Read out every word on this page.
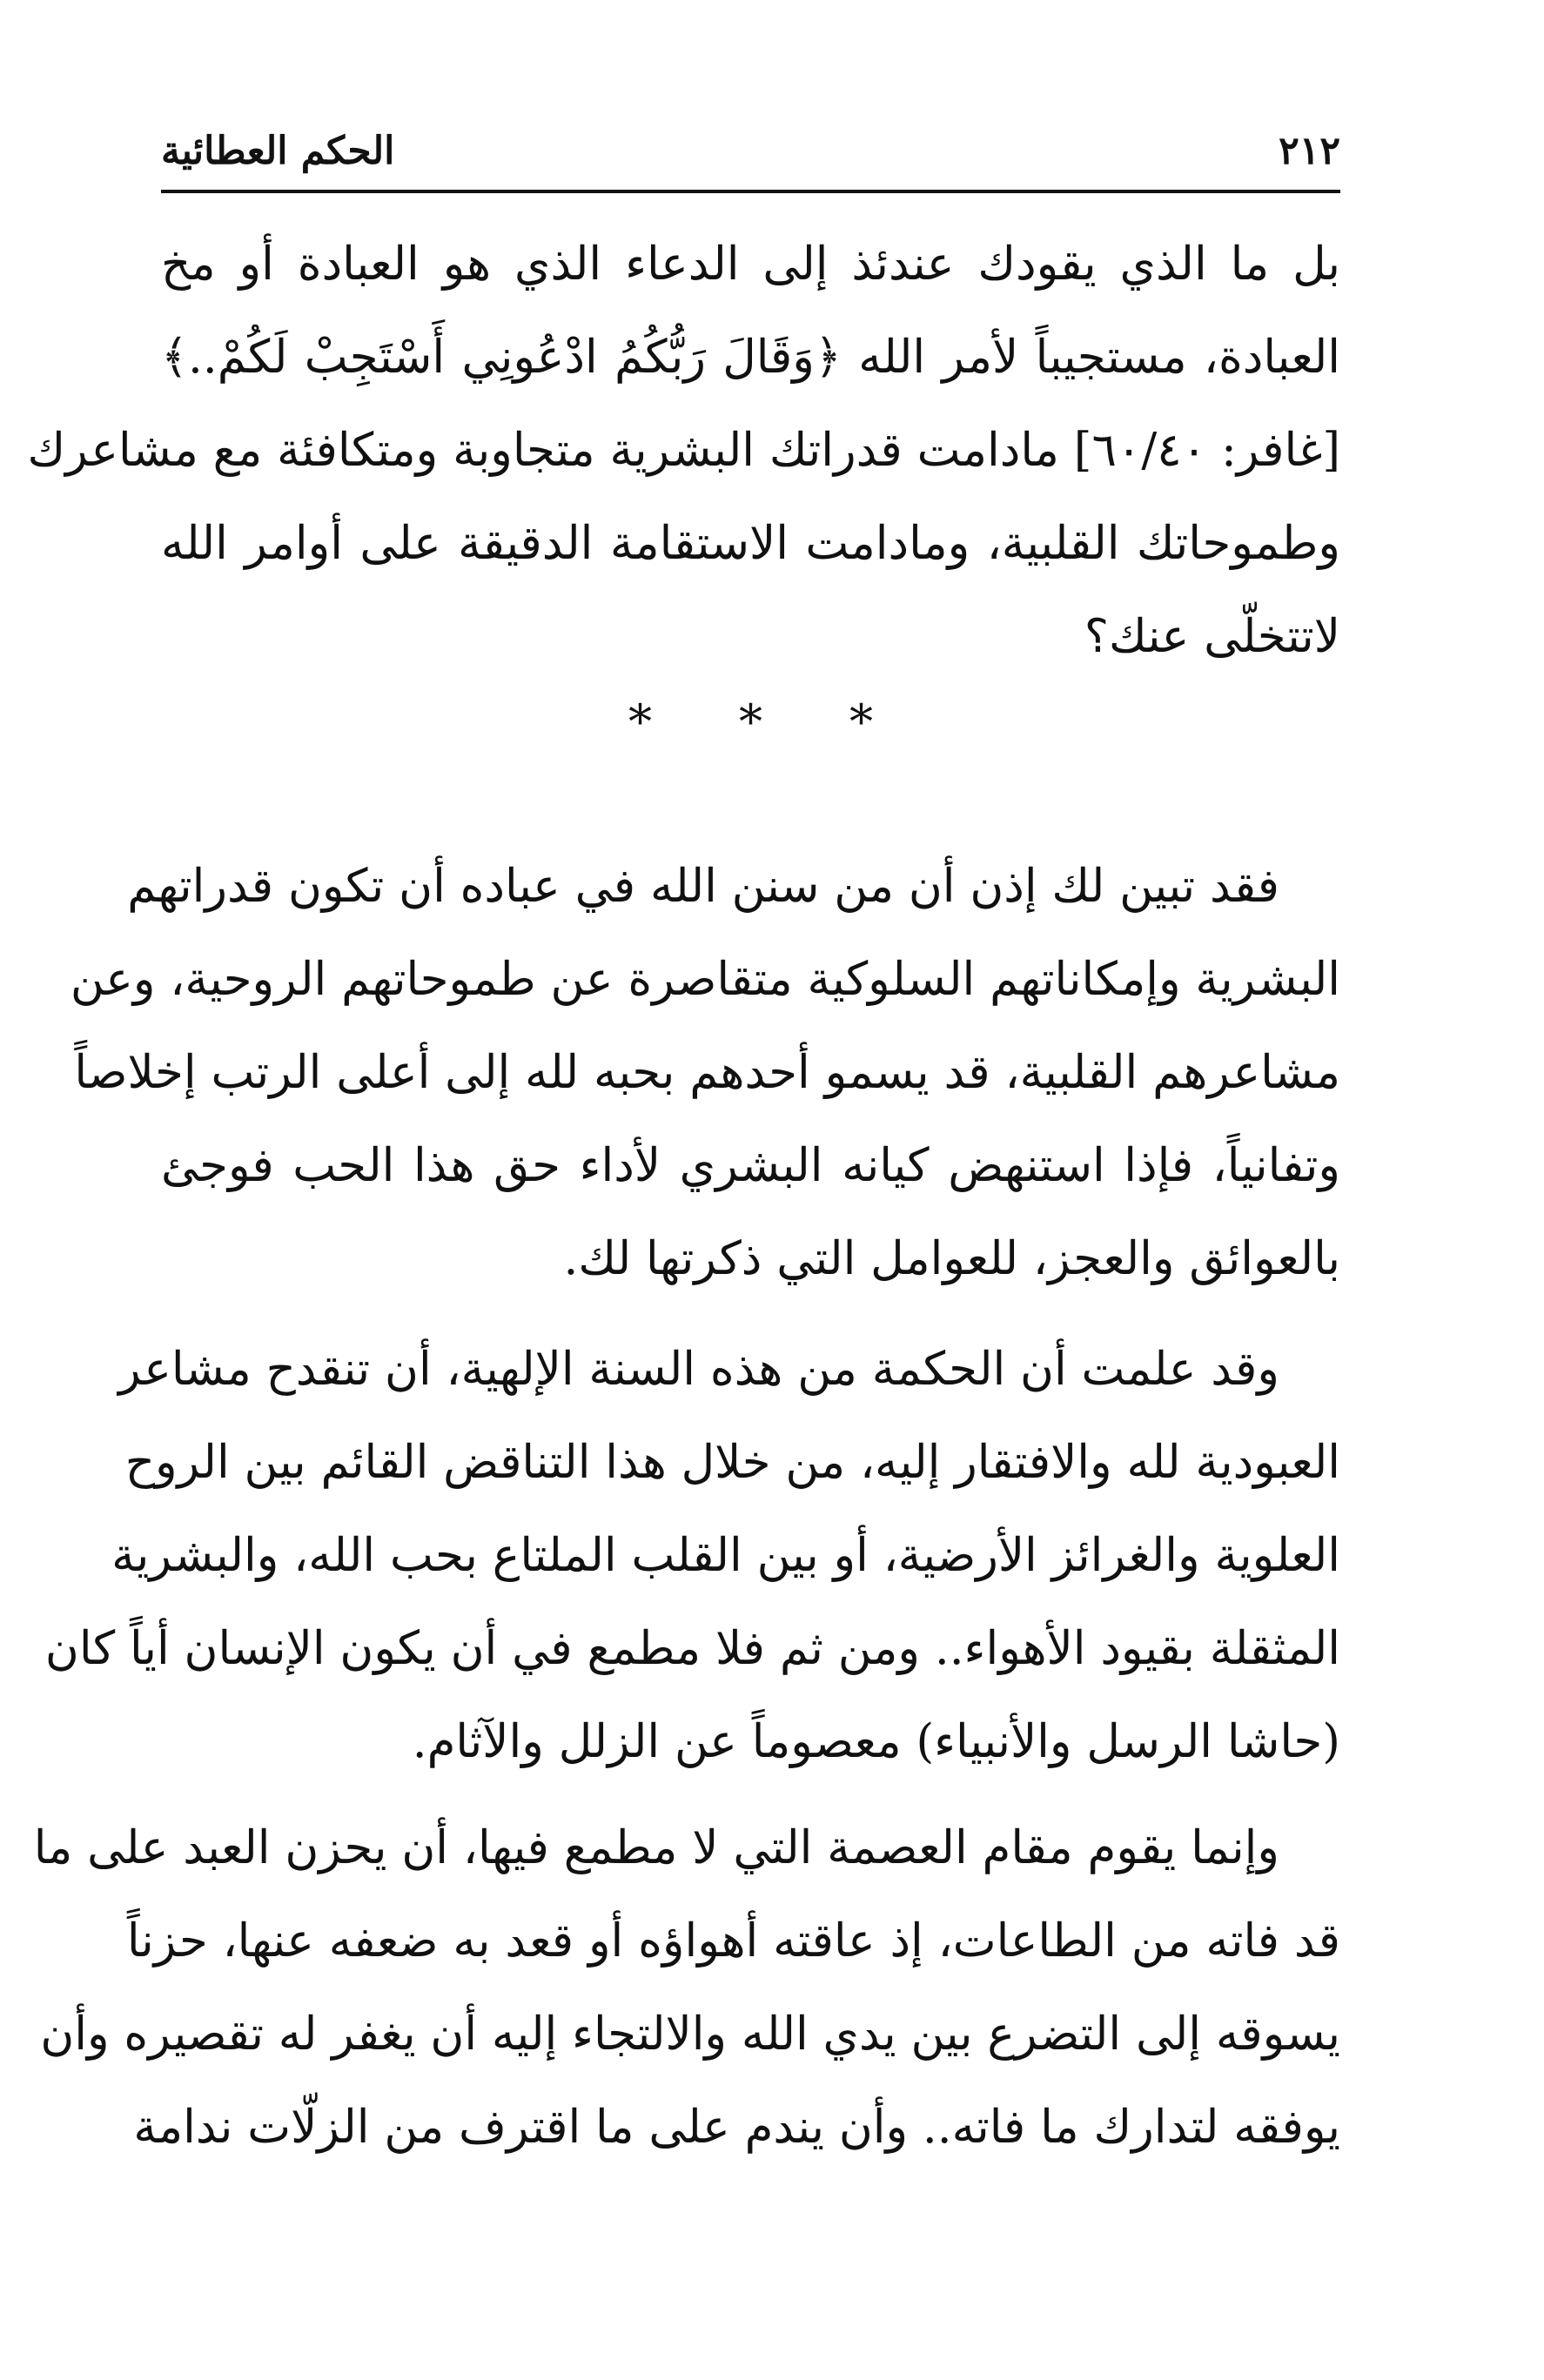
الحكم العطائية	٢١٢
بل ما الذي يقودك عندئذ إلى الدعاء الذي هو العبادة أو مخ
العبادة، مستجيباً لأمر الله ﴿وَقَالَ رَبُّكُمُ ادْعُونِي أَسْتَجِبْ لَكُمْ..﴾
[غافر: ٦٠/٤٠] مادامت قدراتك البشرية متجاوبة ومتكافئة مع مشاعرك
وطموحاتك القلبية، ومادامت الاستقامة الدقيقة على أوامر الله
لاتتخلّى عنك؟
* * *
فقد تبين لك إذن أن من سنن الله في عباده أن تكون قدراتهم
البشرية وإمكاناتهم السلوكية متقاصرة عن طموحاتهم الروحية، وعن
مشاعرهم القلبية، قد يسمو أحدهم بحبه لله إلى أعلى الرتب إخلاصاً
وتفانياً، فإذا استنهض كيانه البشري لأداء حق هذا الحب فوجئ
بالعوائق والعجز، للعوامل التي ذكرتها لك.
وقد علمت أن الحكمة من هذه السنة الإلهية، أن تنقدح مشاعر
العبودية لله والافتقار إليه، من خلال هذا التناقض القائم بين الروح
العلوية والغرائز الأرضية، أو بين القلب الملتاع بحب الله، والبشرية
المثقلة بقيود الأهواء.. ومن ثم فلا مطمع في أن يكون الإنسان أياً كان
(حاشا الرسل والأنبياء) معصوماً عن الزلل والآثام.
وإنما يقوم مقام العصمة التي لا مطمع فيها، أن يحزن العبد على ما
قد فاته من الطاعات، إذ عاقته أهواؤه أو قعد به ضعفه عنها، حزناً
يسوقه إلى التضرع بين يدي الله والالتجاء إليه أن يغفر له تقصيره وأن
يوفقه لتدارك ما فاته.. وأن يندم على ما اقترف من الزلّات ندامة
